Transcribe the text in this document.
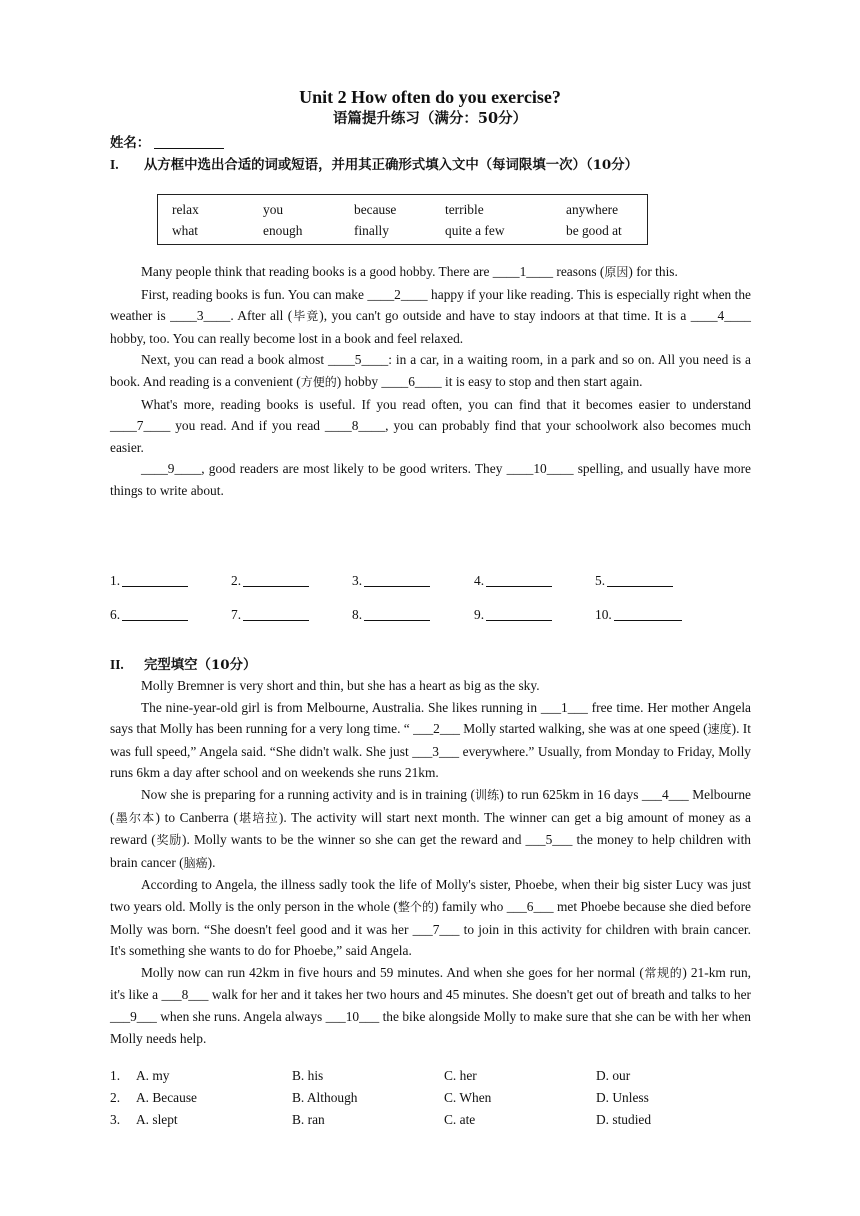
Unit 2 How often do you exercise?
语篇提升练习（满分：50分）
姓名：
I. 从方框中选出合适的词或短语，并用其正确形式填入文中（每词限填一次）（10分）
relax	you	because	terrible	anywhere
what	enough	finally	quite a few	be good at

Many people think that reading books is a good hobby. There are ____1____ reasons (原因) for this.

First, reading books is fun. You can make ____2____ happy if your like reading. This is especially right when the weather is ____3____. After all (毕竟), you can't go outside and have to stay indoors at that time. It is a ____4____ hobby, too. You can really become lost in a book and feel relaxed.

Next, you can read a book almost ____5____: in a car, in a waiting room, in a park and so on. All you need is a book. And reading is a convenient (方便的) hobby ____6____ it is easy to stop and then start again.

What's more, reading books is useful. If you read often, you can find that it becomes easier to understand ____7____ you read. And if you read ____8____, you can probably find that your schoolwork also becomes much easier.

____9____, good readers are most likely to be good writers. They ____10____ spelling, and usually have more things to write about.

1.	2.	3.	4.	5.
6.	7.	8.	9.	10.
II. 完型填空（10分）

Molly Bremner is very short and thin, but she has a heart as big as the sky.

The nine-year-old girl is from Melbourne, Australia. She likes running in ___1___ free time. Her mother Angela says that Molly has been running for a very long time. “ ___2___ Molly started walking, she was at one speed (速度). It was full speed,” Angela said. “She didn't walk. She just ___3___ everywhere.” Usually, from Monday to Friday, Molly runs 6km a day after school and on weekends she runs 21km.

Now she is preparing for a running activity and is in training (训练) to run 625km in 16 days ___4___ Melbourne (墨尔本) to Canberra (堪培拉). The activity will start next month. The winner can get a big amount of money as a reward (奖励). Molly wants to be the winner so she can get the reward and ___5___ the money to help children with brain cancer (脑癌).

According to Angela, the illness sadly took the life of Molly's sister, Phoebe, when their big sister Lucy was just two years old. Molly is the only person in the whole (整个的) family who ___6___ met Phoebe because she died before Molly was born. “She doesn't feel good and it was her ___7___ to join in this activity for children with brain cancer. It's something she wants to do for Phoebe,” said Angela.

Molly now can run 42km in five hours and 59 minutes. And when she goes for her normal (常规的) 21-km run, it's like a ___8___ walk for her and it takes her two hours and 45 minutes. She doesn't get out of breath and talks to her ___9___ when she runs. Angela always ___10___ the bike alongside Molly to make sure that she can be with her when Molly needs help.

1. A. my	B. his	C. her	D. our
2. A. Because	B. Although	C. When	D. Unless
3. A. slept	B. ran	C. ate	D. studied
